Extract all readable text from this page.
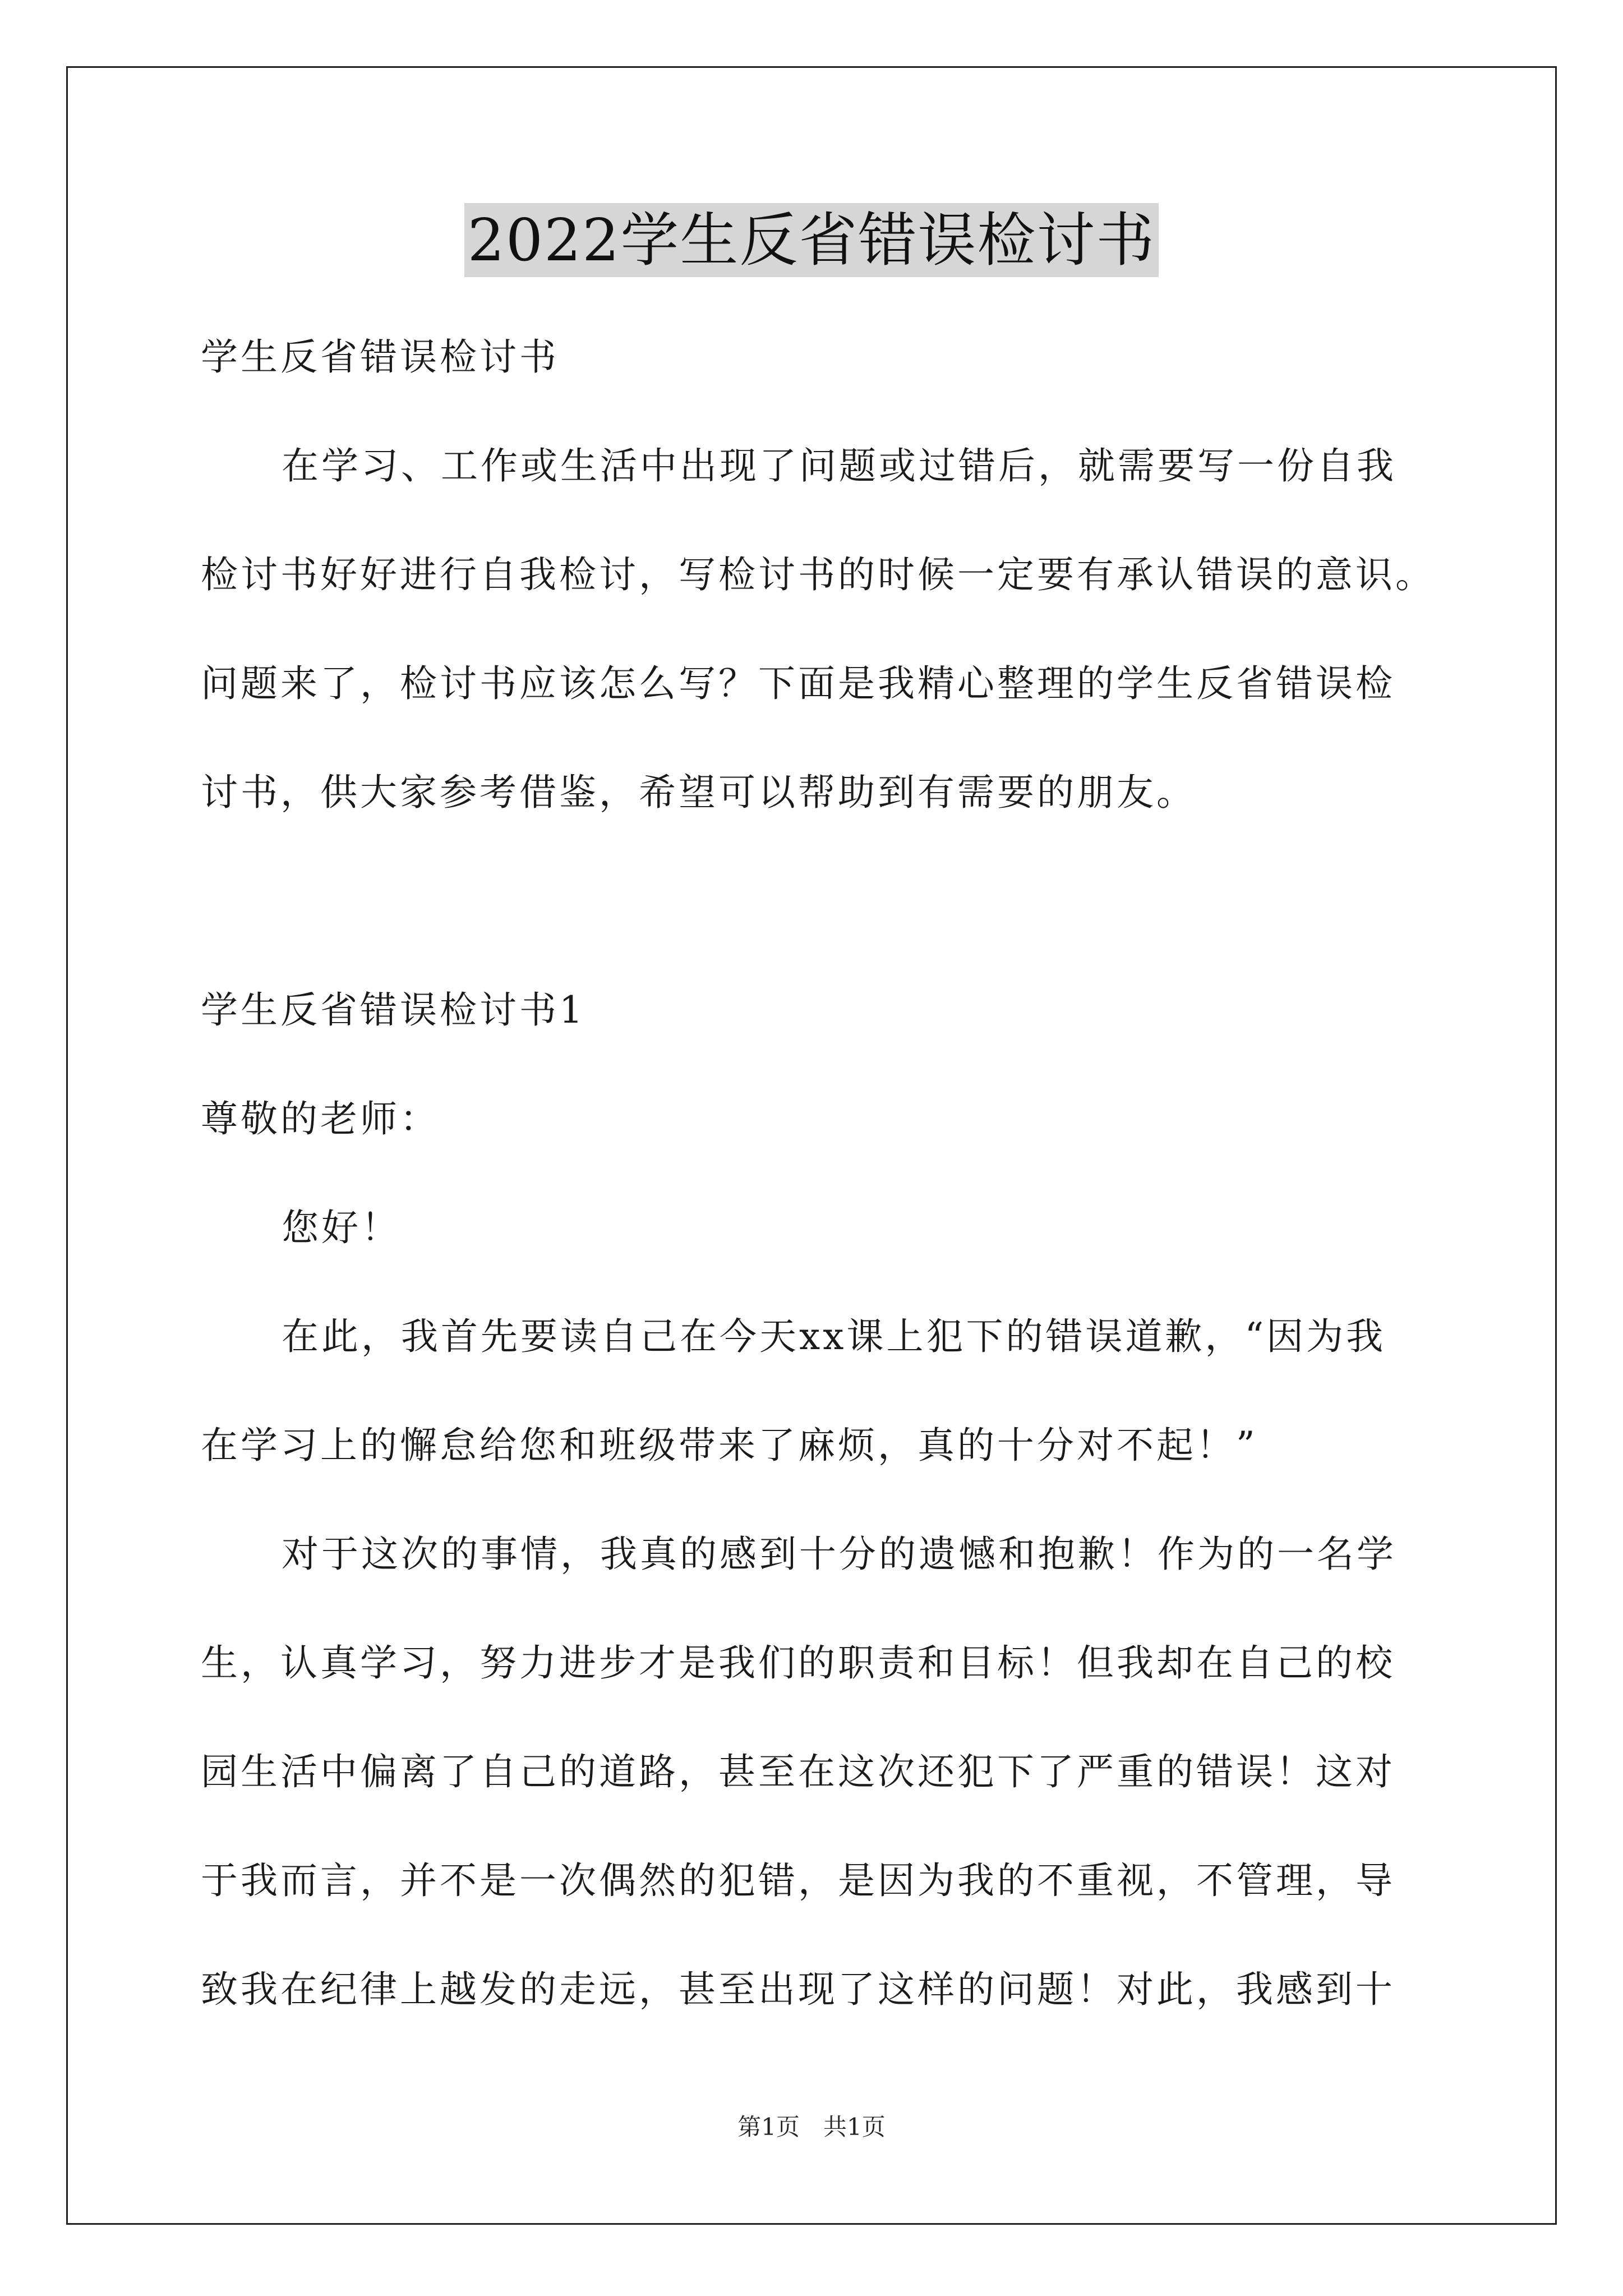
2022学生反省错误检讨书

学生反省错误检讨书

在学习、工作或生活中出现了问题或过错后，就需要写一份自我

检讨书好好进行自我检讨，写检讨书的时候一定要有承认错误的意识。

问题来了，检讨书应该怎么写？下面是我精心整理的学生反省错误检

讨书，供大家参考借鉴，希望可以帮助到有需要的朋友。

学生反省错误检讨书1

尊敬的老师：

您好！

在此，我首先要读自己在今天xx课上犯下的错误道歉，“因为我

在学习上的懈怠给您和班级带来了麻烦，真的十分对不起！”

对于这次的事情，我真的感到十分的遗憾和抱歉！作为的一名学

生，认真学习，努力进步才是我们的职责和目标！但我却在自己的校

园生活中偏离了自己的道路，甚至在这次还犯下了严重的错误！这对

于我而言，并不是一次偶然的犯错，是因为我的不重视，不管理，导

致我在纪律上越发的走远，甚至出现了这样的问题！对此，我感到十

第1页　共1页
